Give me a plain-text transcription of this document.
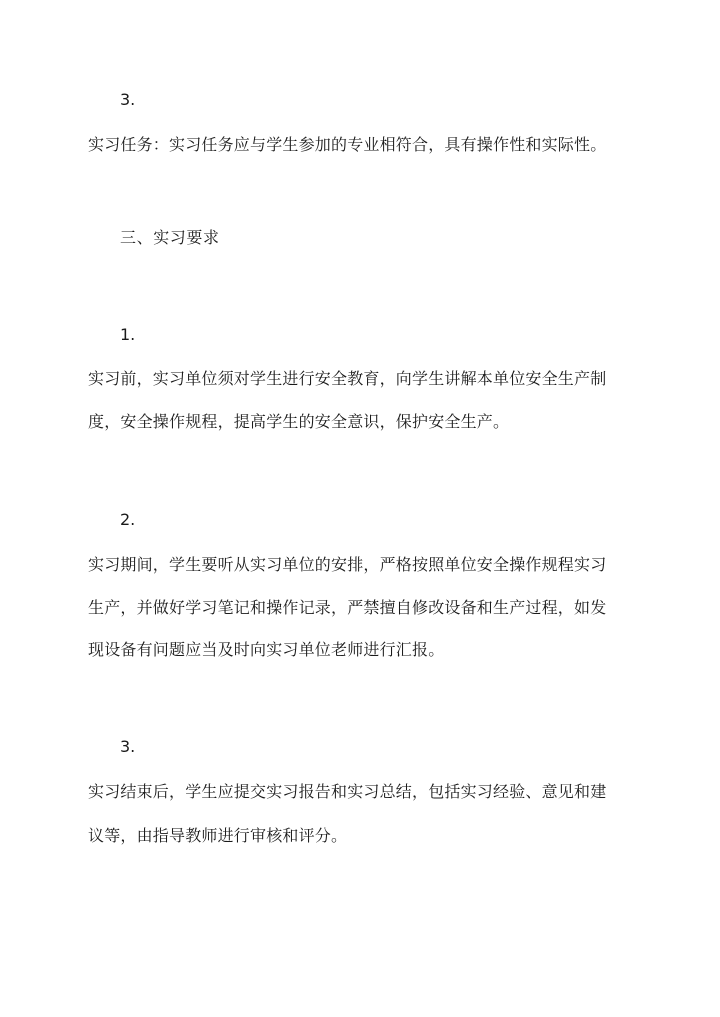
3.
实习任务：实习任务应与学生参加的专业相符合，具有操作性和实际性。
三、实习要求
1.
实习前，实习单位须对学生进行安全教育，向学生讲解本单位安全生产制
度，安全操作规程，提高学生的安全意识，保护安全生产。
2.
实习期间，学生要听从实习单位的安排，严格按照单位安全操作规程实习
生产，并做好学习笔记和操作记录，严禁擅自修改设备和生产过程，如发
现设备有问题应当及时向实习单位老师进行汇报。
3.
实习结束后，学生应提交实习报告和实习总结，包括实习经验、意见和建
议等，由指导教师进行审核和评分。
